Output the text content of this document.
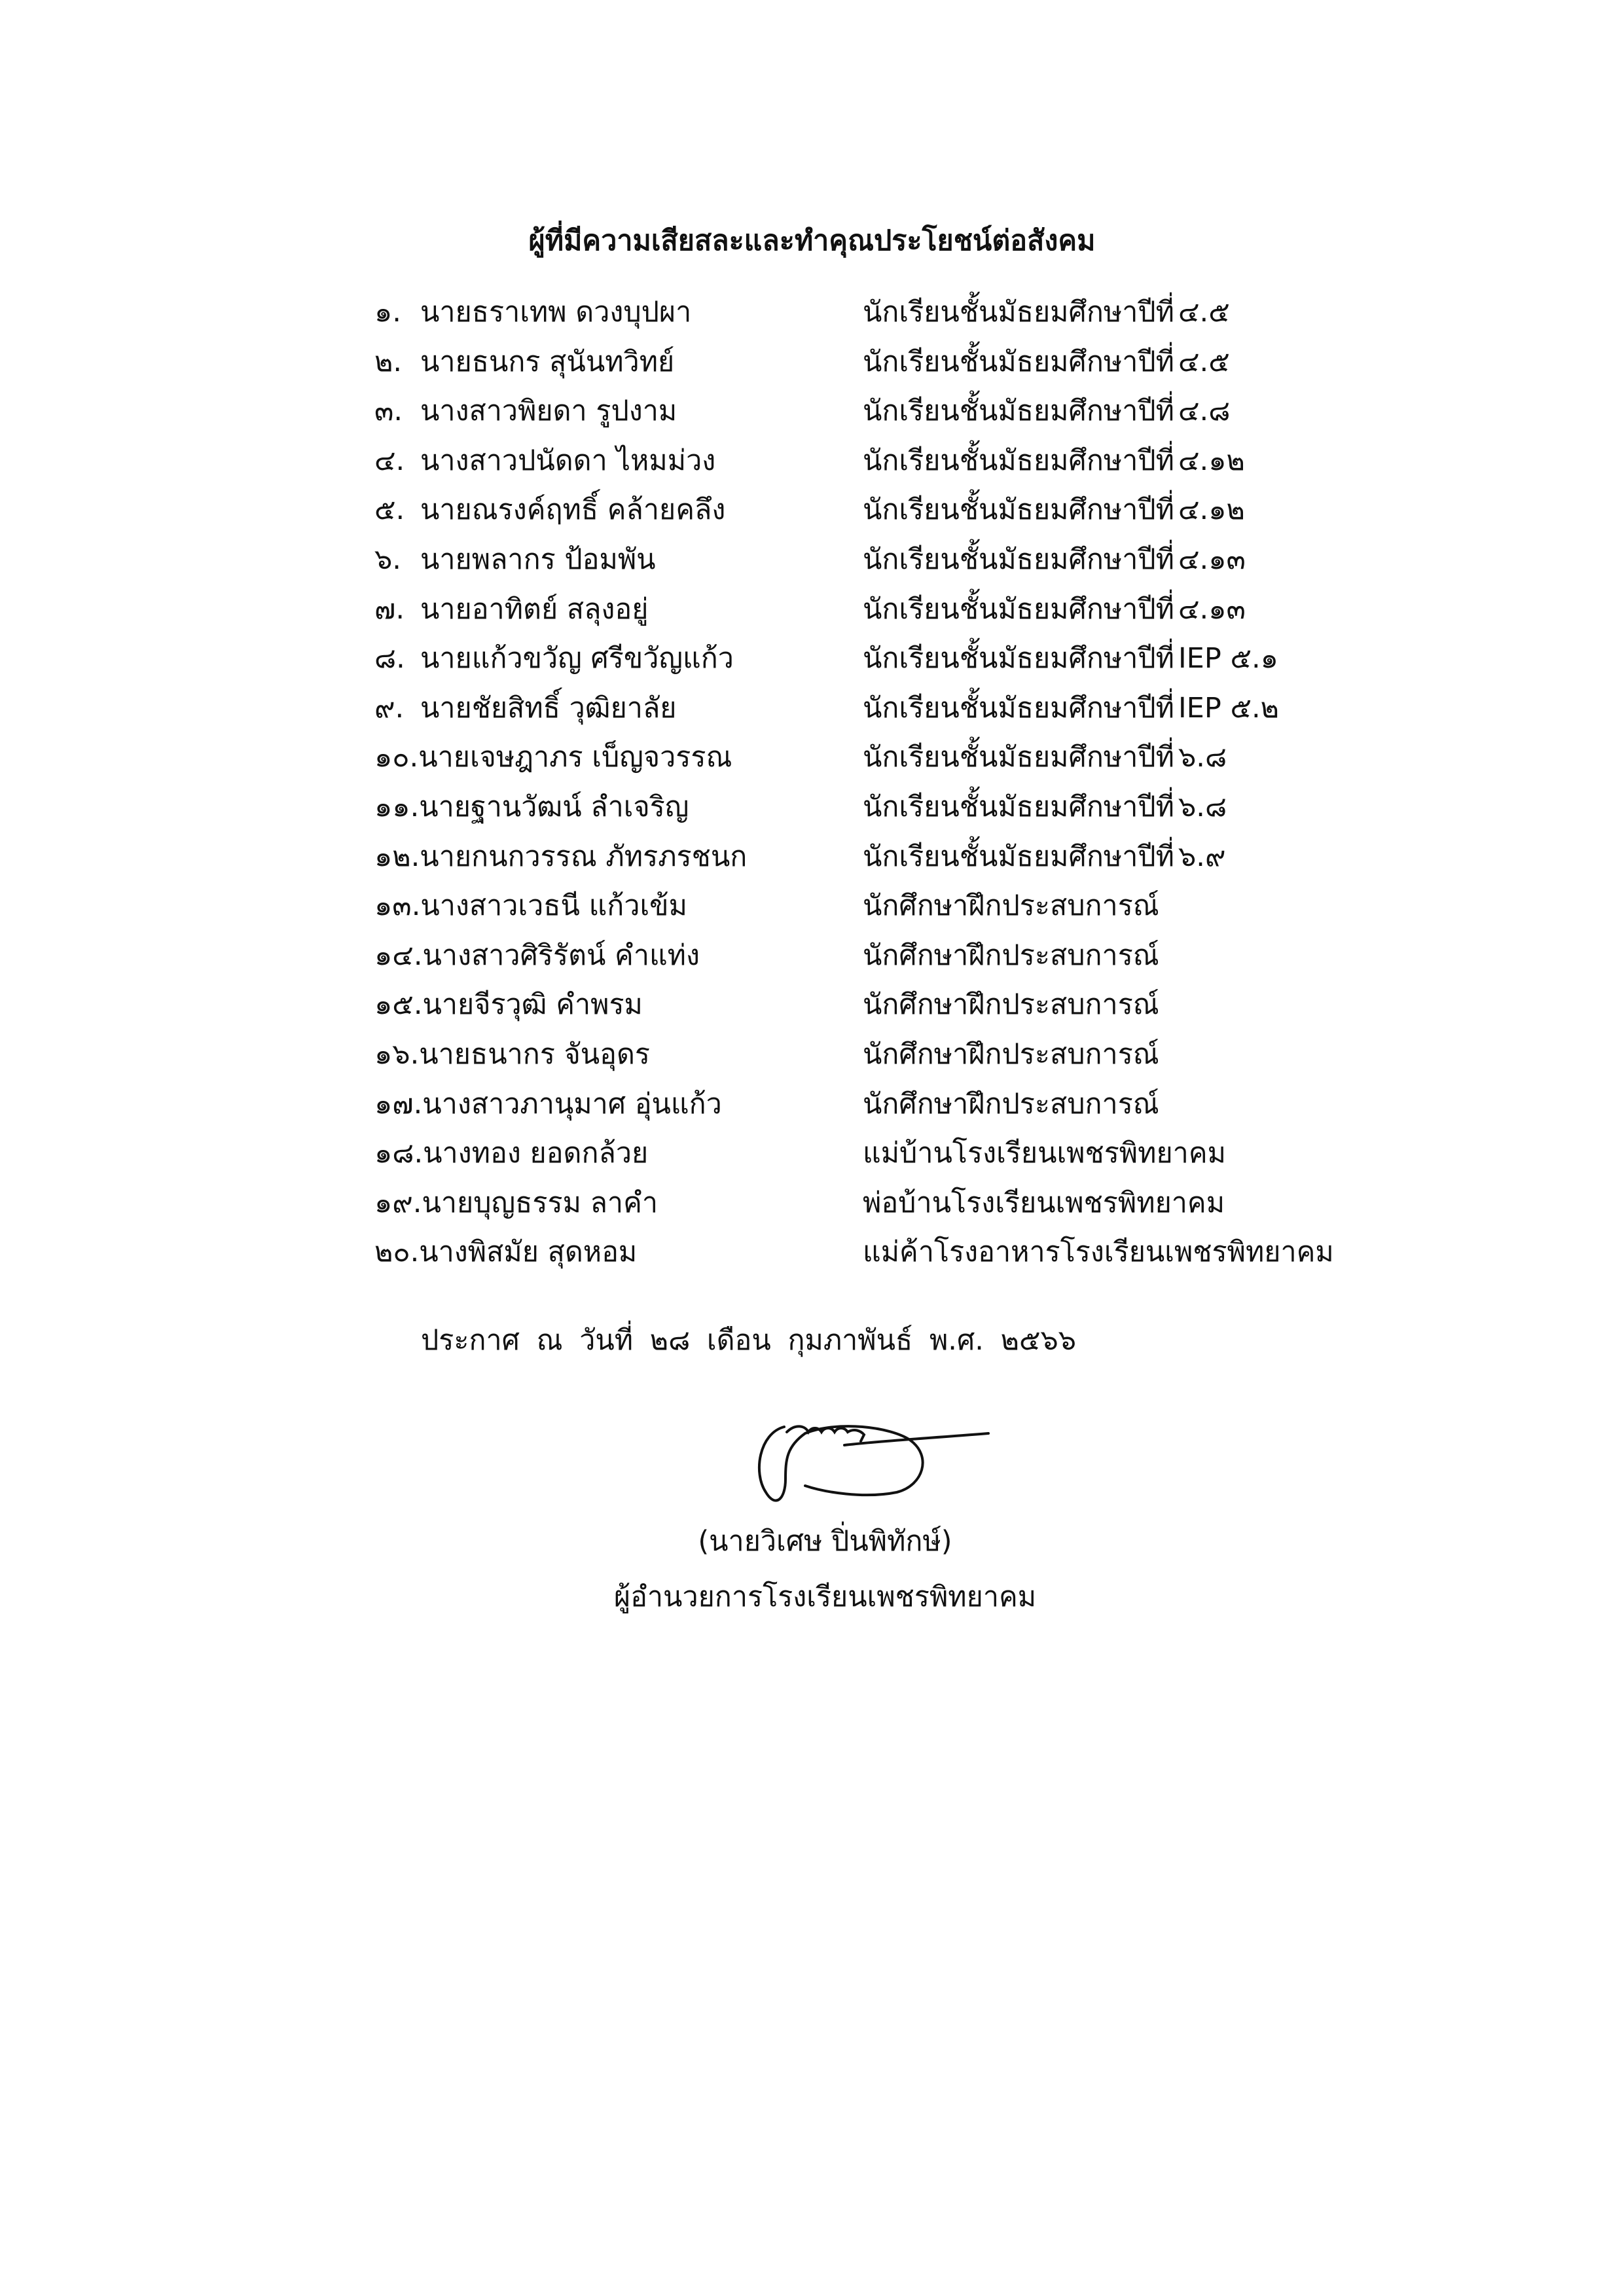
ผู้ที่มีความเสียสละและทำคุณประโยชน์ต่อสังคม
๑. นายธราเทพ ดวงบุปผา	นักเรียนชั้นมัธยมศึกษาปีที่ ๔.๕
๒. นายธนกร สุนันทวิทย์	นักเรียนชั้นมัธยมศึกษาปีที่ ๔.๕
๓. นางสาวพิยดา รูปงาม	นักเรียนชั้นมัธยมศึกษาปีที่ ๔.๘
๔. นางสาวปนัดดา ไหมม่วง	นักเรียนชั้นมัธยมศึกษาปีที่ ๔.๑๒
๕. นายณรงค์ฤทธิ์ คล้ายคลึง	นักเรียนชั้นมัธยมศึกษาปีที่ ๔.๑๒
๖. นายพลากร ป้อมพัน	นักเรียนชั้นมัธยมศึกษาปีที่ ๔.๑๓
๗. นายอาทิตย์ สลุงอยู่	นักเรียนชั้นมัธยมศึกษาปีที่ ๔.๑๓
๘. นายแก้วขวัญ ศรีขวัญแก้ว	นักเรียนชั้นมัธยมศึกษาปีที่ IEP ๕.๑
๙. นายชัยสิทธิ์ วุฒิยาลัย	นักเรียนชั้นมัธยมศึกษาปีที่ IEP ๕.๒
๑๐.นายเจษฎาภร เบ็ญจวรรณ	นักเรียนชั้นมัธยมศึกษาปีที่ ๖.๘
๑๑.นายฐานวัฒน์ ลำเจริญ	นักเรียนชั้นมัธยมศึกษาปีที่ ๖.๘
๑๒.นายกนกวรรณ ภัทรภรชนก	นักเรียนชั้นมัธยมศึกษาปีที่ ๖.๙
๑๓.นางสาวเวธนี แก้วเข้ม	นักศึกษาฝึกประสบการณ์
๑๔.นางสาวศิริรัตน์ คำแท่ง	นักศึกษาฝึกประสบการณ์
๑๕.นายจีรวุฒิ คำพรม	นักศึกษาฝึกประสบการณ์
๑๖.นายธนากร จันอุดร	นักศึกษาฝึกประสบการณ์
๑๗.นางสาวภานุมาศ อุ่นแก้ว	นักศึกษาฝึกประสบการณ์
๑๘.นางทอง ยอดกล้วย	แม่บ้านโรงเรียนเพชรพิทยาคม
๑๙.นายบุญธรรม ลาคำ	พ่อบ้านโรงเรียนเพชรพิทยาคม
๒๐.นางพิสมัย สุดหอม	แม่ค้าโรงอาหารโรงเรียนเพชรพิทยาคม
ประกาศ ณ วันที่ ๒๘ เดือน กุมภาพันธ์ พ.ศ. ๒๕๖๖
(นายวิเศษ ปิ่นพิทักษ์)
ผู้อำนวยการโรงเรียนเพชรพิทยาคม
